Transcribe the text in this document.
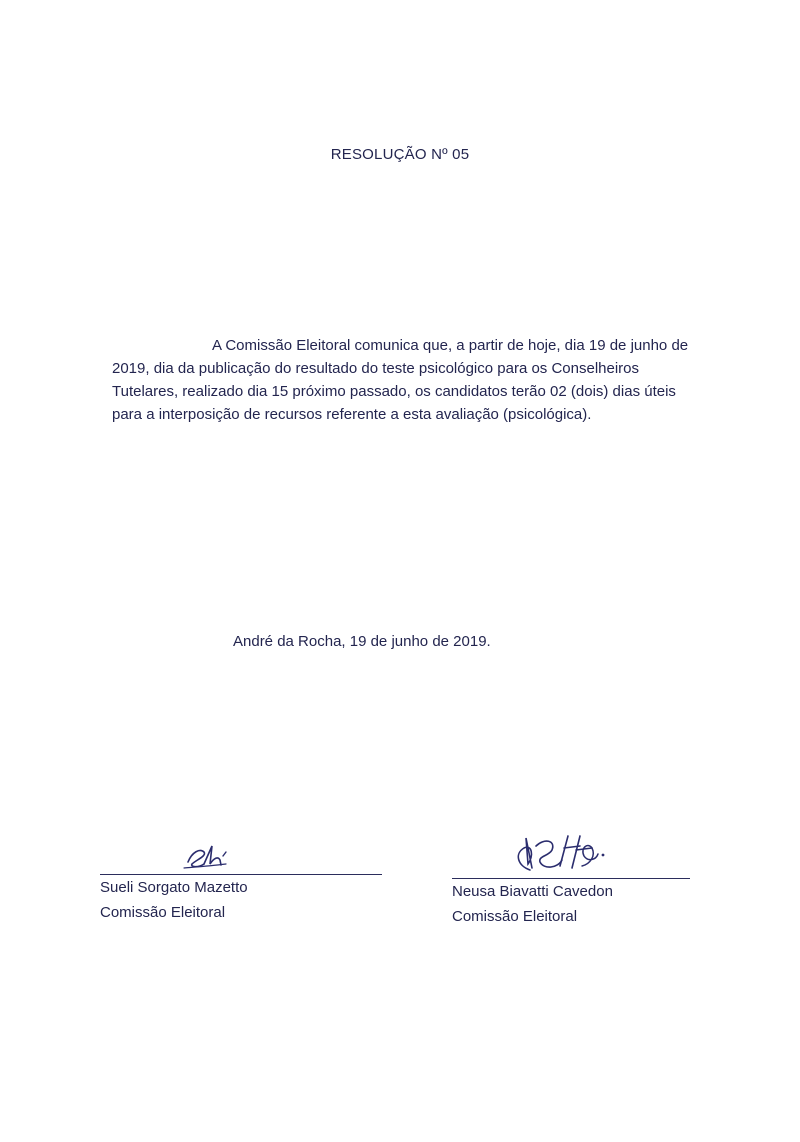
RESOLUÇÃO Nº 05
A Comissão Eleitoral comunica que, a partir de hoje, dia 19 de junho de
2019, dia da publicação do resultado do teste psicológico para os Conselheiros
Tutelares, realizado dia 15 próximo passado, os candidatos terão 02 (dois) dias úteis
para a interposição de recursos referente a esta avaliação (psicológica).
André da Rocha, 19 de junho de 2019.
Sueli Sorgato Mazetto
Comissão Eleitoral
Neusa Biavatti Cavedon
Comissão Eleitoral
